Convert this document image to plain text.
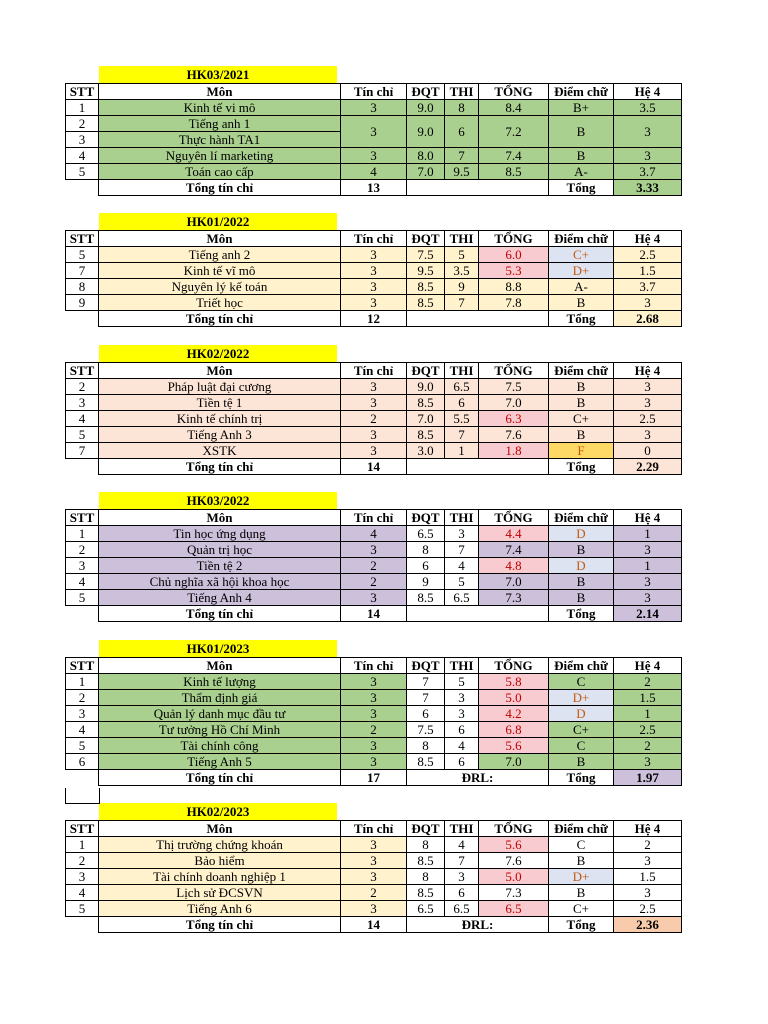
HK03/2021
STT	Môn	Tín chỉ	ĐQT	THI	TỔNG	Điểm chữ	Hệ 4
1	Kinh tế vi mô	3	9.0	8	8.4	B+	3.5
2	Tiếng anh 1	3	9.0	6	7.2	B	3
3	Thực hành TA1						
4	Nguyên lí marketing	3	8.0	7	7.4	B	3
5	Toán cao cấp	4	7.0	9.5	8.5	A-	3.7
	Tổng tín chỉ	13				Tổng	3.33
HK01/2022
STT	Môn	Tín chỉ	ĐQT	THI	TỔNG	Điểm chữ	Hệ 4
5	Tiếng anh 2	3	7.5	5	6.0	C+	2.5
7	Kinh tế vĩ mô	3	9.5	3.5	5.3	D+	1.5
8	Nguyên lý kế toán	3	8.5	9	8.8	A-	3.7
9	Triết học	3	8.5	7	7.8	B	3
	Tổng tín chỉ	12				Tổng	2.68
HK02/2022
STT	Môn	Tín chỉ	ĐQT	THI	TỔNG	Điểm chữ	Hệ 4
2	Pháp luật đại cương	3	9.0	6.5	7.5	B	3
3	Tiền tệ 1	3	8.5	6	7.0	B	3
4	Kinh tế chính trị	2	7.0	5.5	6.3	C+	2.5
5	Tiếng Anh 3	3	8.5	7	7.6	B	3
7	XSTK	3	3.0	1	1.8	F	0
	Tổng tín chỉ	14				Tổng	2.29
HK03/2022
STT	Môn	Tín chỉ	ĐQT	THI	TỔNG	Điểm chữ	Hệ 4
1	Tin học ứng dụng	4	6.5	3	4.4	D	1
2	Quản trị học	3	8	7	7.4	B	3
3	Tiền tệ 2	2	6	4	4.8	D	1
4	Chủ nghĩa xã hội khoa học	2	9	5	7.0	B	3
5	Tiếng Anh 4	3	8.5	6.5	7.3	B	3
	Tổng tín chỉ	14				Tổng	2.14
HK01/2023
STT	Môn	Tín chỉ	ĐQT	THI	TỔNG	Điểm chữ	Hệ 4
1	Kinh tế lượng	3	7	5	5.8	C	2
2	Thẩm định giá	3	7	3	5.0	D+	1.5
3	Quản lý danh mục đầu tư	3	6	3	4.2	D	1
4	Tư tưởng Hồ Chí Minh	2	7.5	6	6.8	C+	2.5
5	Tài chính công	3	8	4	5.6	C	2
6	Tiếng Anh 5	3	8.5	6	7.0	B	3
	Tổng tín chỉ	17	ĐRL:			Tổng	1.97
HK02/2023
STT	Môn	Tín chỉ	ĐQT	THI	TỔNG	Điểm chữ	Hệ 4
1	Thị trường chứng khoán	3	8	4	5.6	C	2
2	Bảo hiểm	3	8.5	7	7.6	B	3
3	Tài chính doanh nghiệp 1	3	8	3	5.0	D+	1.5
4	Lịch sử ĐCSVN	2	8.5	6	7.3	B	3
5	Tiếng Anh 6	3	6.5	6.5	6.5	C+	2.5
	Tổng tín chỉ	14	ĐRL:			Tổng	2.36
